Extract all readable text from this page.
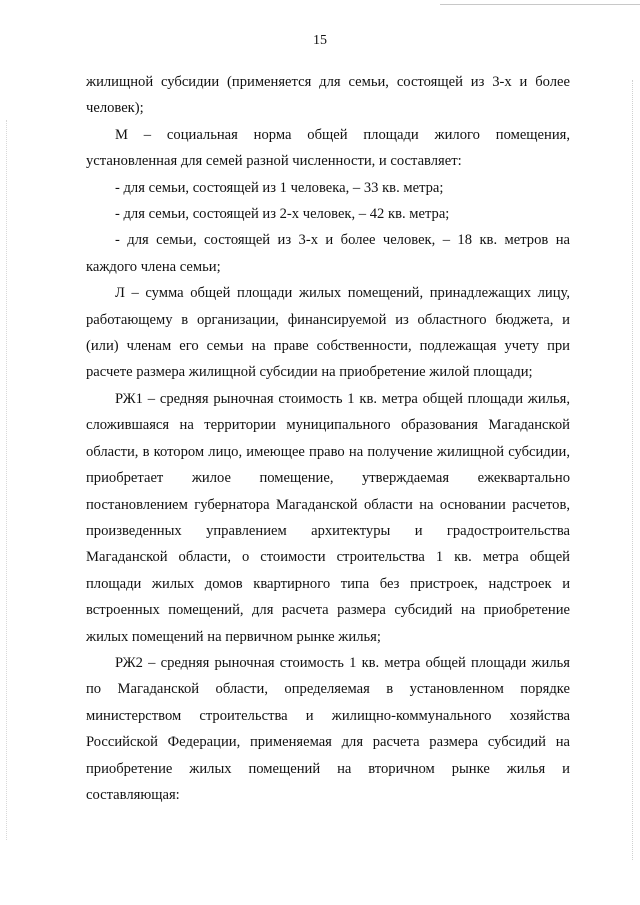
15

жилищной субсидии (применяется для семьи, состоящей из 3-х и более человек);

М – социальная норма общей площади жилого помещения, установленная для семей разной численности, и составляет:

- для семьи, состоящей из 1 человека, – 33 кв. метра;

- для семьи, состоящей из 2-х человек, – 42 кв. метра;

- для семьи, состоящей из 3-х и более человек, – 18 кв. метров на каждого члена семьи;

Л – сумма общей площади жилых помещений, принадлежащих лицу, работающему в организации, финансируемой из областного бюджета, и (или) членам его семьи на праве собственности, подлежащая учету при расчете размера жилищной субсидии на приобретение жилой площади;

РЖ1 – средняя рыночная стоимость 1 кв. метра общей площади жилья, сложившаяся на территории муниципального образования Магаданской области, в котором лицо, имеющее право на получение жилищной субсидии, приобретает жилое помещение, утверждаемая ежеквартально постановлением губернатора Магаданской области на основании расчетов, произведенных управлением архитектуры и градостроительства Магаданской области, о стоимости строительства 1 кв. метра общей площади жилых домов квартирного типа без пристроек, надстроек и встроенных помещений, для расчета размера субсидий на приобретение жилых помещений на первичном рынке жилья;

РЖ2 – средняя рыночная стоимость 1 кв. метра общей площади жилья по Магаданской области, определяемая в установленном порядке министерством строительства и жилищно-коммунального хозяйства Российской Федерации, применяемая для расчета размера субсидий на приобретение жилых помещений на вторичном рынке жилья и составляющая:
